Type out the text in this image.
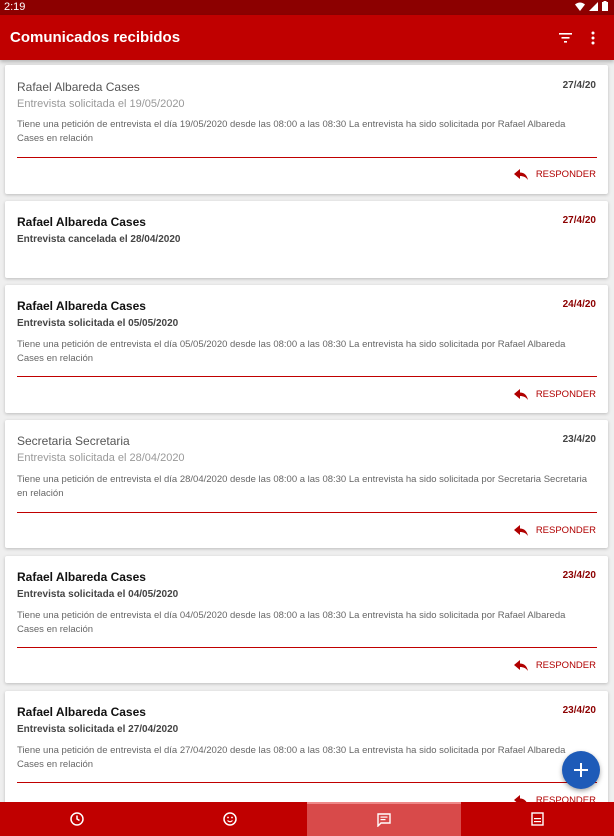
2:19
Comunicados recibidos
Rafael Albareda Cases	27/4/20
Entrevista solicitada el 19/05/2020
Tiene una petición de entrevista el día 19/05/2020 desde las 08:00 a las 08:30 La entrevista ha sido solicitada por Rafael Albareda Cases en relación
RESPONDER
Rafael Albareda Cases	27/4/20
Entrevista cancelada el 28/04/2020
Rafael Albareda Cases	24/4/20
Entrevista solicitada el 05/05/2020
Tiene una petición de entrevista el día 05/05/2020 desde las 08:00 a las 08:30 La entrevista ha sido solicitada por Rafael Albareda Cases en relación
RESPONDER
Secretaria Secretaria	23/4/20
Entrevista solicitada el 28/04/2020
Tiene una petición de entrevista el día 28/04/2020 desde las 08:00 a las 08:30 La entrevista ha sido solicitada por Secretaria Secretaria en relación
RESPONDER
Rafael Albareda Cases	23/4/20
Entrevista solicitada el 04/05/2020
Tiene una petición de entrevista el día 04/05/2020 desde las 08:00 a las 08:30 La entrevista ha sido solicitada por Rafael Albareda Cases en relación
RESPONDER
Rafael Albareda Cases	23/4/20
Entrevista solicitada el 27/04/2020
Tiene una petición de entrevista el día 27/04/2020 desde las 08:00 a las 08:30 La entrevista ha sido solicitada por Rafael Albareda Cases en relación
RESPONDER
